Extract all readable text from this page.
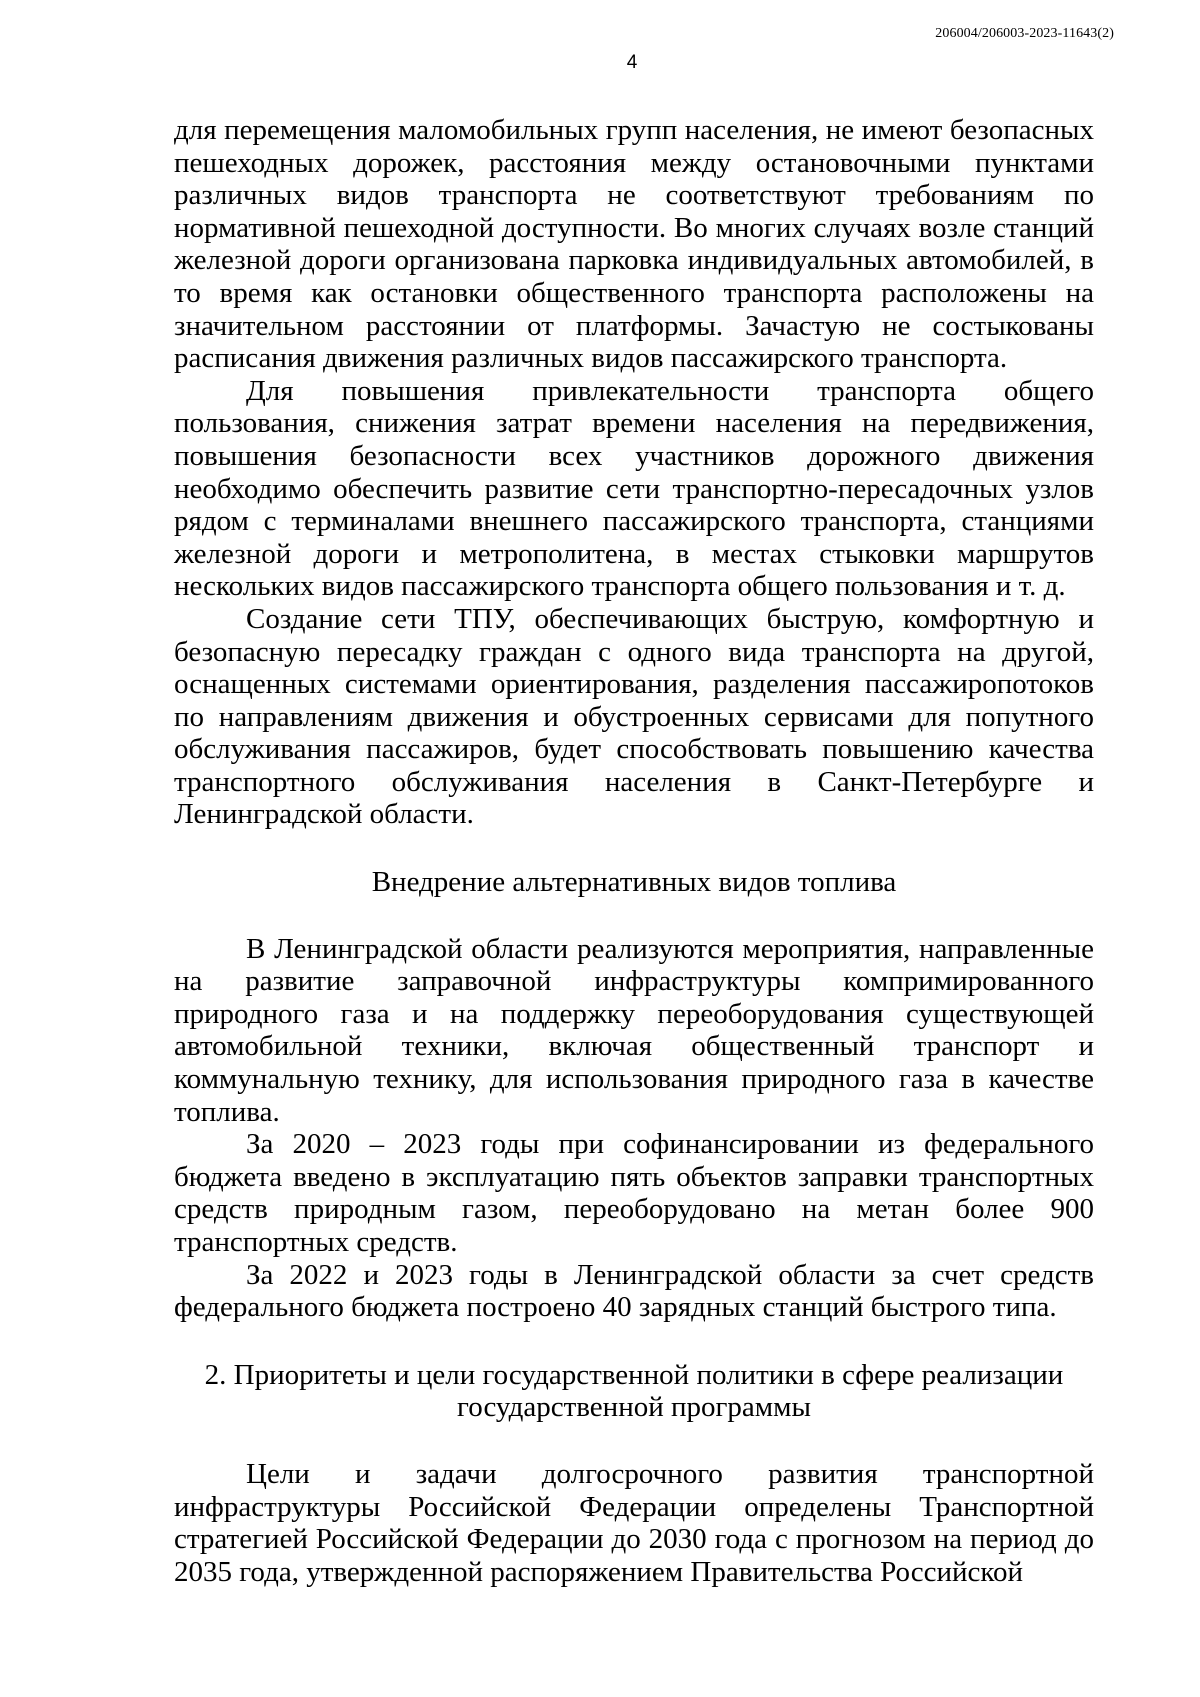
206004/206003-2023-11643(2)
4

для перемещения маломобильных групп населения, не имеют безопасных пешеходных дорожек, расстояния между остановочными пунктами различных видов транспорта не соответствуют требованиям по нормативной пешеходной доступности. Во многих случаях возле станций железной дороги организована парковка индивидуальных автомобилей, в то время как остановки общественного транспорта расположены на значительном расстоянии от платформы. Зачастую не состыкованы расписания движения различных видов пассажирского транспорта.

Для повышения привлекательности транспорта общего пользования, снижения затрат времени населения на передвижения, повышения безопасности всех участников дорожного движения необходимо обеспечить развитие сети транспортно-пересадочных узлов рядом с терминалами внешнего пассажирского транспорта, станциями железной дороги и метрополитена, в местах стыковки маршрутов нескольких видов пассажирского транспорта общего пользования и т. д.

Создание сети ТПУ, обеспечивающих быструю, комфортную и безопасную пересадку граждан с одного вида транспорта на другой, оснащенных системами ориентирования, разделения пассажиропотоков по направлениям движения и обустроенных сервисами для попутного обслуживания пассажиров, будет способствовать повышению качества транспортного обслуживания населения в Санкт-Петербурге и Ленинградской области.

Внедрение альтернативных видов топлива

В Ленинградской области реализуются мероприятия, направленные на развитие заправочной инфраструктуры компримированного природного газа и на поддержку переоборудования существующей автомобильной техники, включая общественный транспорт и коммунальную технику, для использования природного газа в качестве топлива.

За 2020 – 2023 годы при софинансировании из федерального бюджета введено в эксплуатацию пять объектов заправки транспортных средств природным газом, переоборудовано на метан более 900 транспортных средств.

За 2022 и 2023 годы в Ленинградской области за счет средств федерального бюджета построено 40 зарядных станций быстрого типа.

2. Приоритеты и цели государственной политики в сфере реализации
государственной программы

Цели и задачи долгосрочного развития транспортной инфраструктуры Российской Федерации определены Транспортной стратегией Российской Федерации до 2030 года с прогнозом на период до 2035 года, утвержденной распоряжением Правительства Российской
